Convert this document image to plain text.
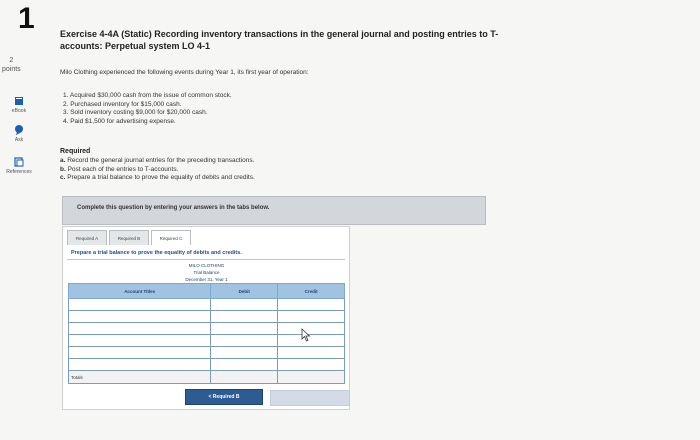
1
2
points
eBook
Ask
References
Exercise 4-4A (Static) Recording inventory transactions in the general journal and posting entries to T-
accounts: Perpetual system LO 4-1
Milo Clothing experienced the following events during Year 1, its first year of operation:
1. Acquired $30,000 cash from the issue of common stock.
2. Purchased inventory for $15,000 cash.
3. Sold inventory costing $9,000 for $20,000 cash.
4. Paid $1,500 for advertising expense.
Required
a. Record the general journal entries for the preceding transactions.
b. Post each of the entries to T-accounts.
c. Prepare a trial balance to prove the equality of debits and credits.
Complete this question by entering your answers in the tabs below.
Required A	Required B	Required C
Prepare a trial balance to prove the equality of debits and credits.
MILO CLOTHING
Trial Balance
December 31, Year 1
Account Titles	Debit	Credit

Totals		
< Required B
